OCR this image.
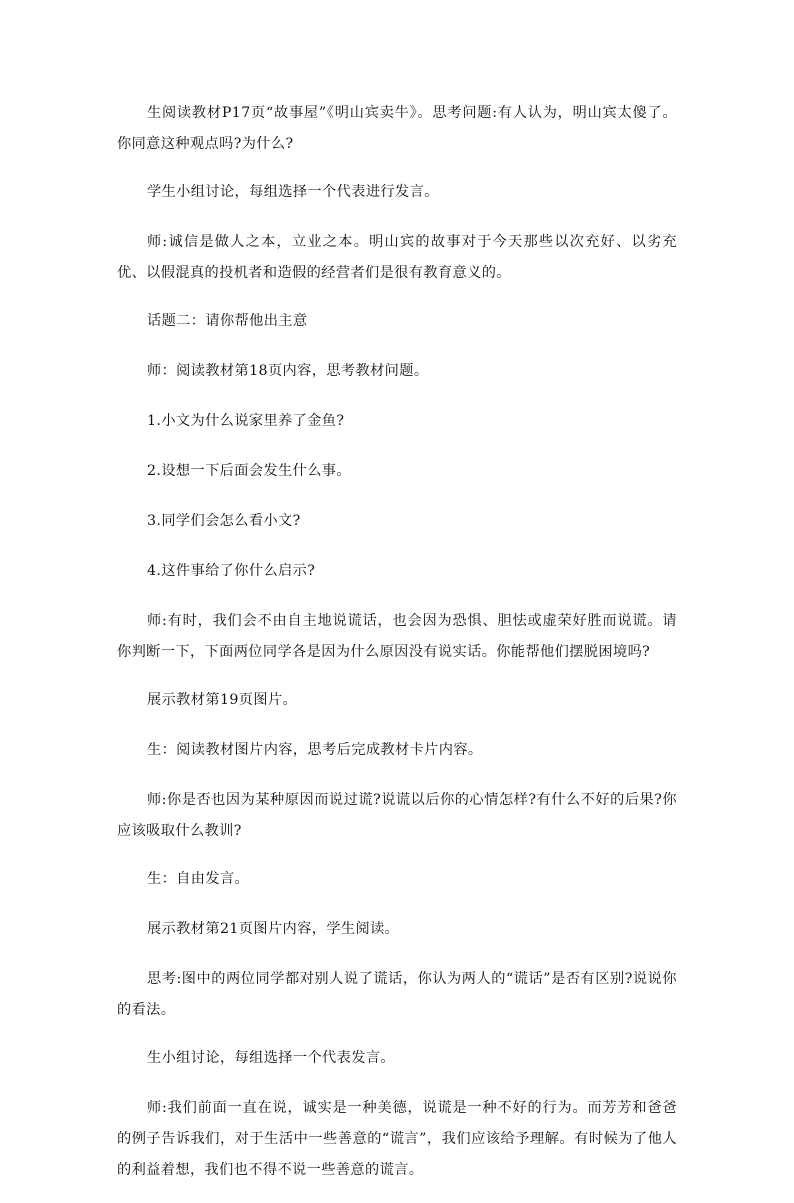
生阅读教材P17页“故事屋”《明山宾卖牛》。思考问题:有人认为，明山宾太傻了。你同意这种观点吗?为什么?

学生小组讨论，每组选择一个代表进行发言。

师:诚信是做人之本，立业之本。明山宾的故事对于今天那些以次充好、以劣充优、以假混真的投机者和造假的经营者们是很有教育意义的。

话题二：请你帮他出主意

师：阅读教材第18页内容，思考教材问题。

1.小文为什么说家里养了金鱼?

2.设想一下后面会发生什么事。

3.同学们会怎么看小文?

4.这件事给了你什么启示?

师:有时，我们会不由自主地说谎话，也会因为恐惧、胆怯或虚荣好胜而说谎。请你判断一下，下面两位同学各是因为什么原因没有说实话。你能帮他们摆脱困境吗?

展示教材第19页图片。

生：阅读教材图片内容，思考后完成教材卡片内容。

师:你是否也因为某种原因而说过谎?说谎以后你的心情怎样?有什么不好的后果?你应该吸取什么教训?

生：自由发言。

展示教材第21页图片内容，学生阅读。

思考:图中的两位同学都对别人说了谎话，你认为两人的“谎话”是否有区别?说说你的看法。

生小组讨论，每组选择一个代表发言。

师:我们前面一直在说，诚实是一种美德，说谎是一种不好的行为。而芳芳和爸爸的例子告诉我们，对于生活中一些善意的“谎言”，我们应该给予理解。有时候为了他人的利益着想，我们也不得不说一些善意的谎言。
